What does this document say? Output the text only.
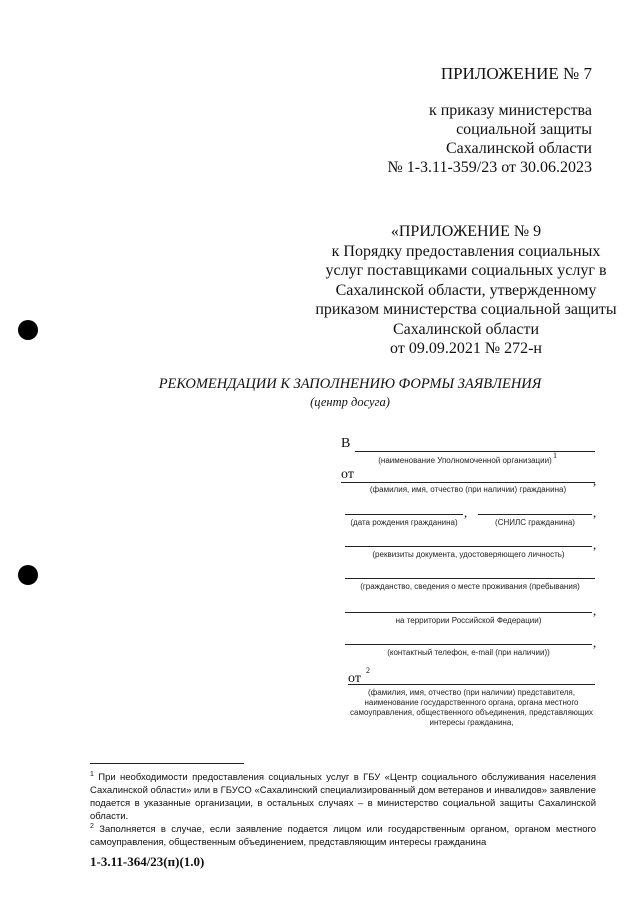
ПРИЛОЖЕНИЕ № 7
к приказу министерства
социальной защиты
Сахалинской области
№ 1-3.11-359/23 от 30.06.2023
«ПРИЛОЖЕНИЕ № 9
к Порядку предоставления социальных
услуг поставщиками социальных услуг в
Сахалинской области, утвержденному
приказом министерства социальной защиты
Сахалинской области
от 09.09.2021 № 272-н
РЕКОМЕНДАЦИИ К ЗАПОЛНЕНИЮ ФОРМЫ ЗАЯВЛЕНИЯ
(центр досуга)
В
(наименование Уполномоченной организации)
1
от	,
(фамилия, имя, отчество (при наличии) гражданина)
,	,
(дата рождения гражданина)	(СНИЛС гражданина)
,
(реквизиты документа, удостоверяющего личность)
(гражданство, сведения о месте проживания (пребывания)
,
на территории Российской Федерации)
,
(контактный телефон, e-mail (при наличии))
от
2
(фамилия, имя, отчество (при наличии) представителя,
наименование государственного органа, органа местного
самоуправления, общественного объединения, представляющих
интересы гражданина,
$^1$ При необходимости предоставления социальных услуг в ГБУ «Центр социального обслуживания населения Сахалинской области» или в ГБУСО «Сахалинский специализированный дом ветеранов и инвалидов» заявление подается в указанные организации, в остальных случаях – в министерство социальной защиты Сахалинской области.
$^2$ Заполняется в случае, если заявление подается лицом или государственным органом, органом местного самоуправления, общественным объединением, представляющим интересы гражданина
1-3.11-364/23(п)(1.0)
